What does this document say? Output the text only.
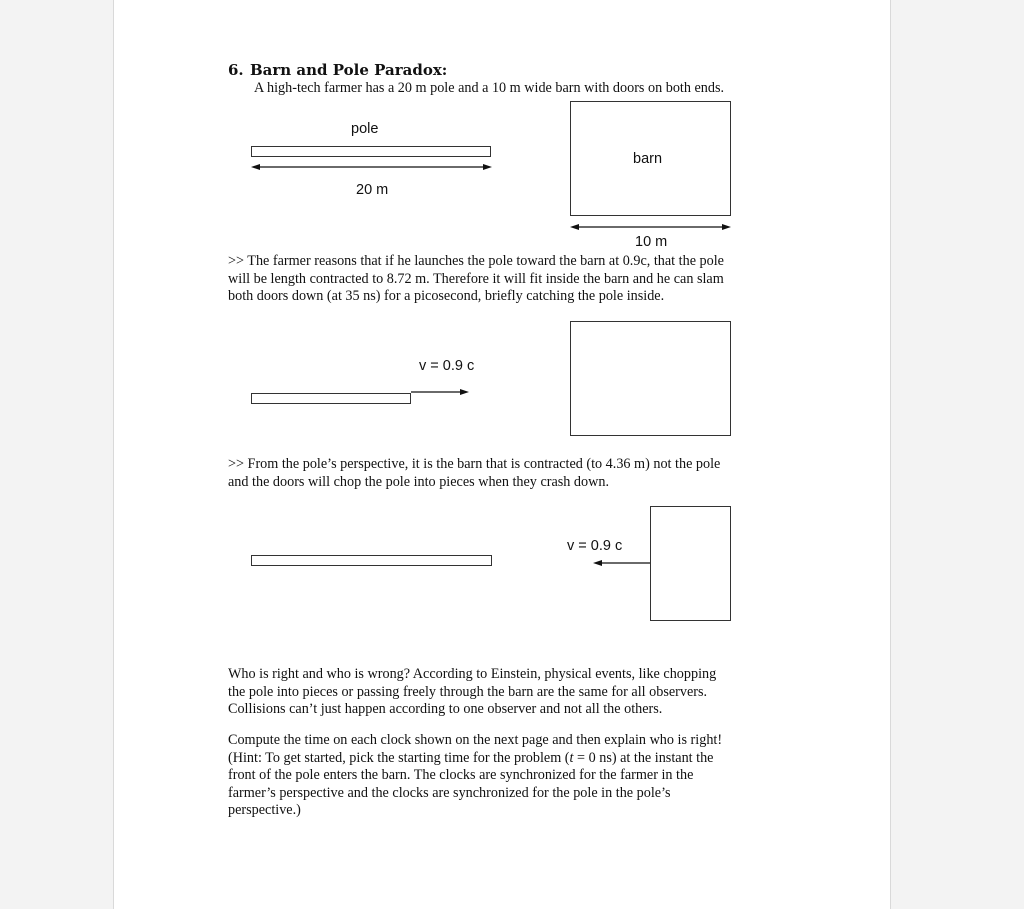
6. Barn and Pole Paradox:
A high-tech farmer has a 20 m pole and a 10 m wide barn with doors on both ends.
pole
20 m
barn
10 m
>> The farmer reasons that if he launches the pole toward the barn at 0.9c, that the pole
will be length contracted to 8.72 m. Therefore it will fit inside the barn and he can slam
both doors down (at 35 ns) for a picosecond, briefly catching the pole inside.
v = 0.9 c
>> From the pole’s perspective, it is the barn that is contracted (to 4.36 m) not the pole
and the doors will chop the pole into pieces when they crash down.
v = 0.9 c
Who is right and who is wrong? According to Einstein, physical events, like chopping
the pole into pieces or passing freely through the barn are the same for all observers.
Collisions can’t just happen according to one observer and not all the others.
Compute the time on each clock shown on the next page and then explain who is right!
(Hint: To get started, pick the starting time for the problem (t = 0 ns) at the instant the
front of the pole enters the barn. The clocks are synchronized for the farmer in the
farmer’s perspective and the clocks are synchronized for the pole in the pole’s
perspective.)
